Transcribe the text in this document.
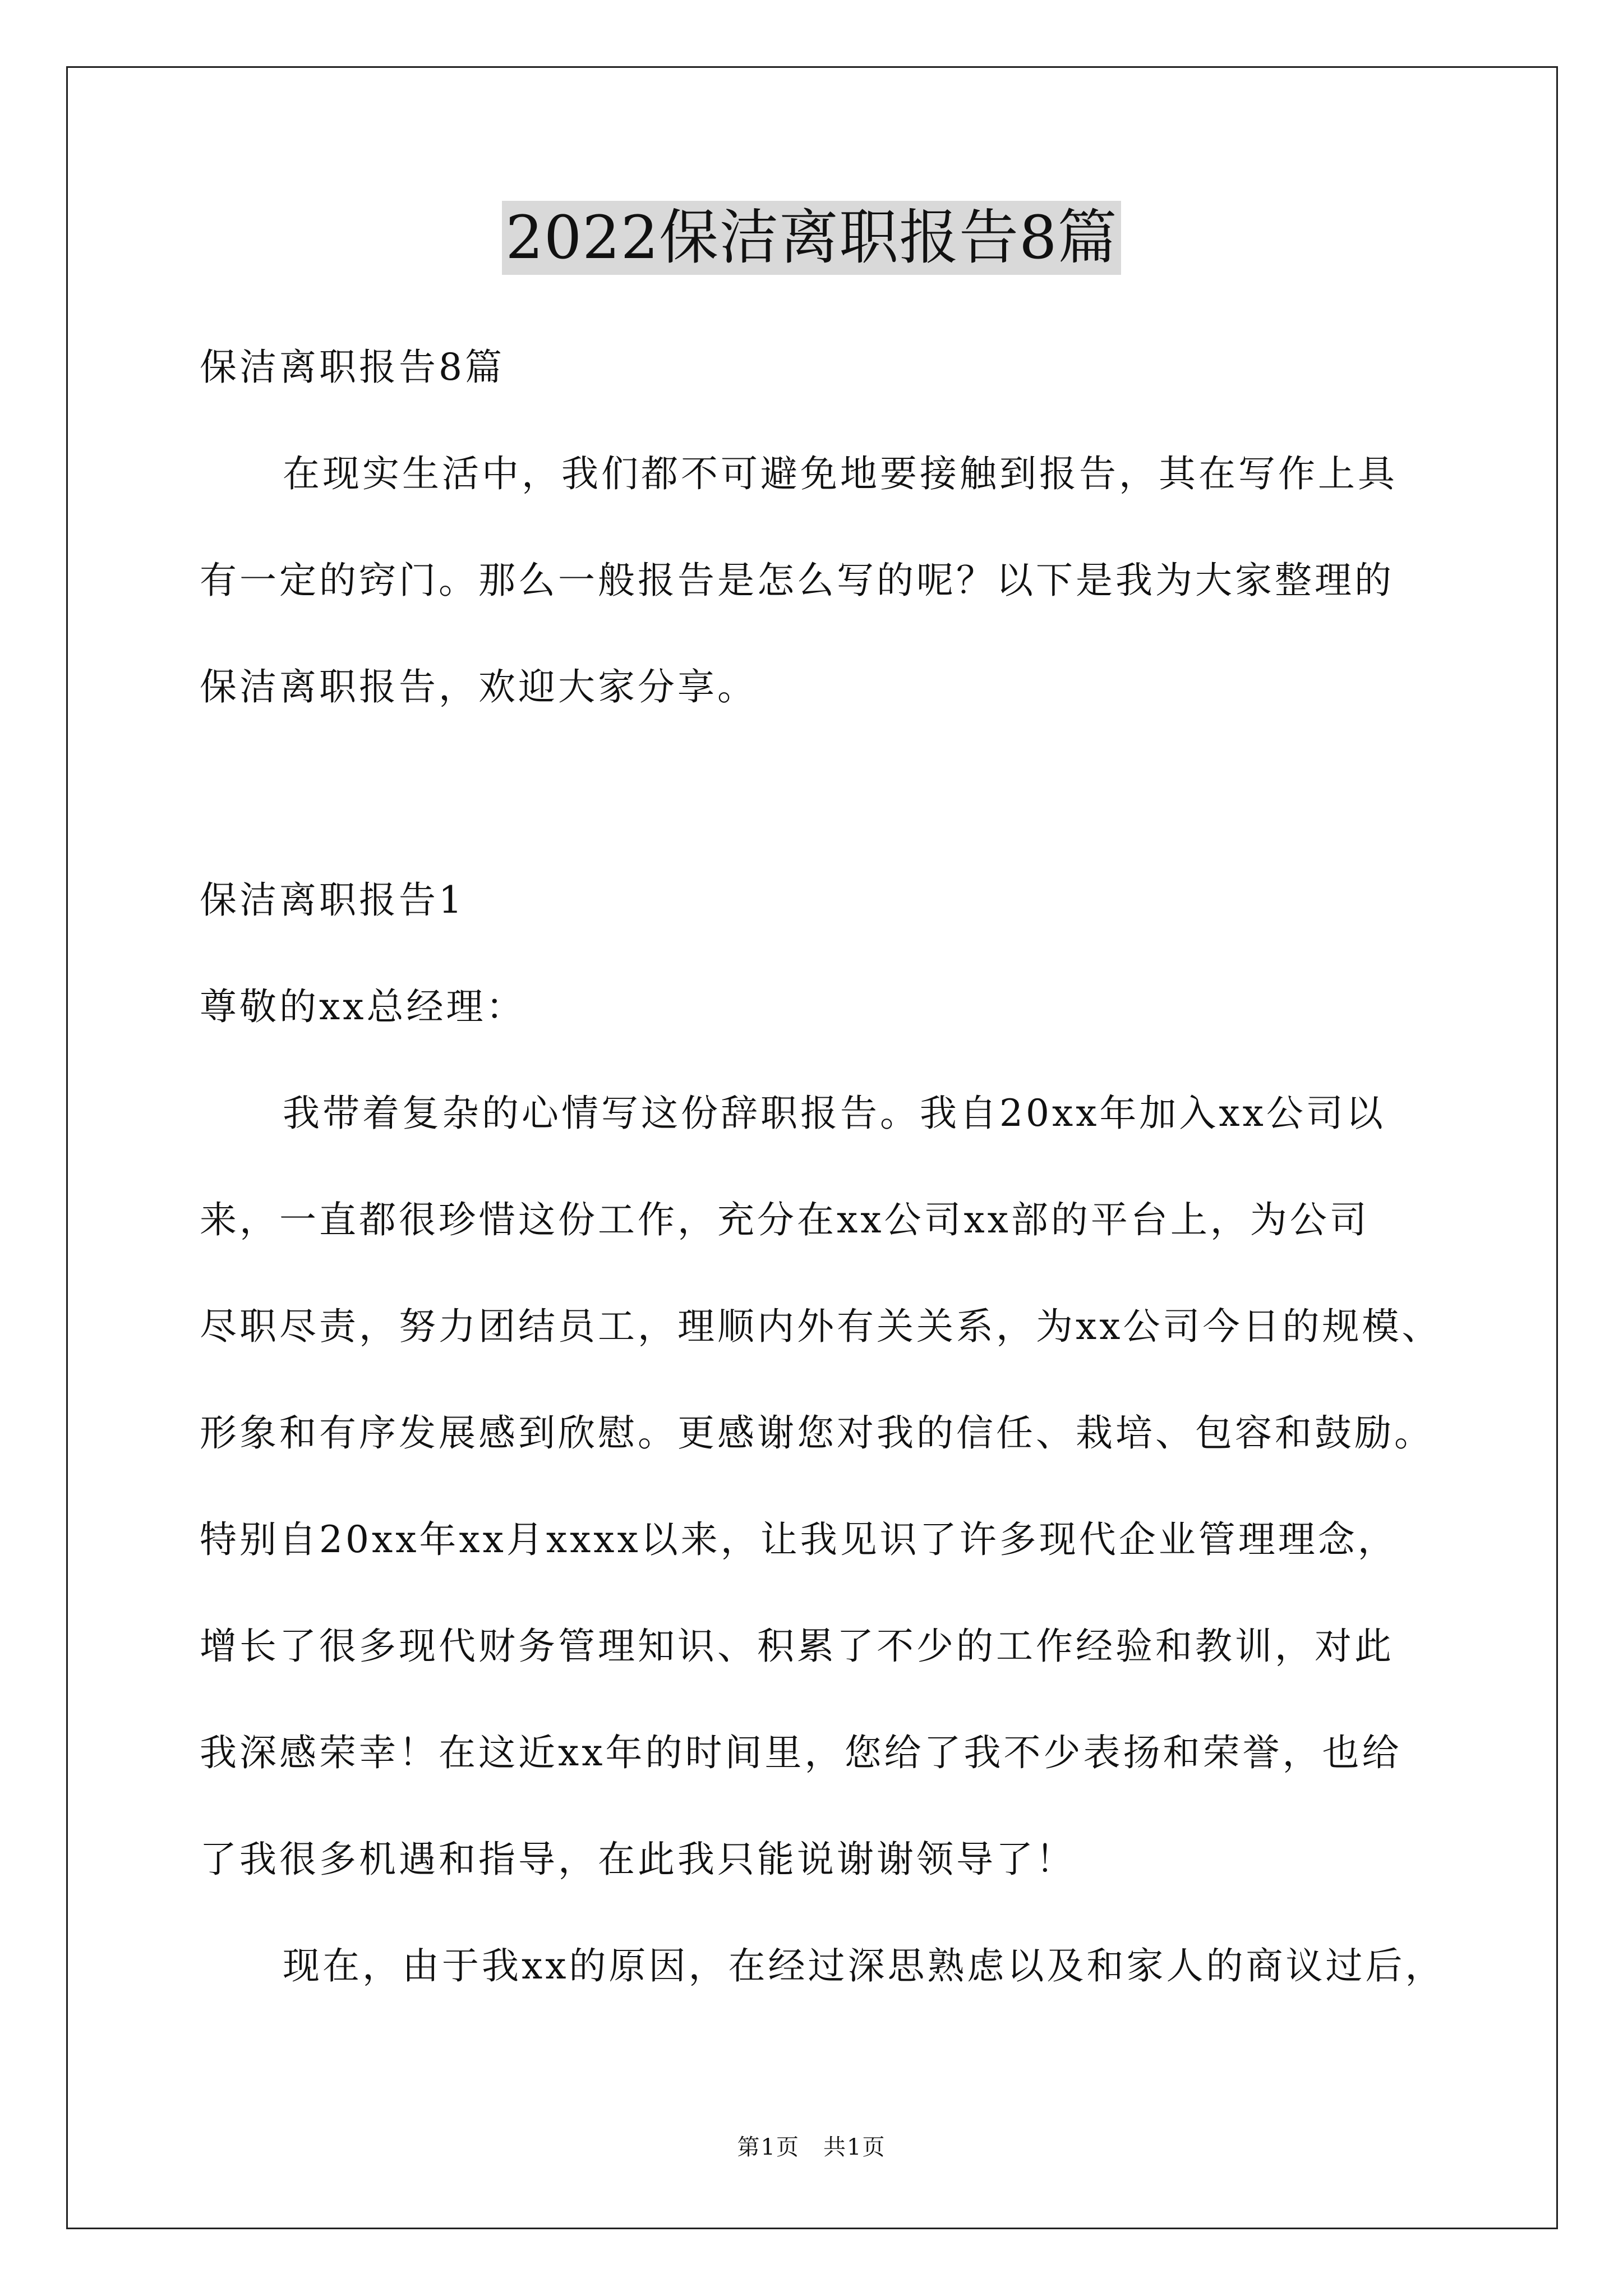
2022保洁离职报告8篇

保洁离职报告8篇

在现实生活中，我们都不可避免地要接触到报告，其在写作上具

有一定的窍门。那么一般报告是怎么写的呢？以下是我为大家整理的

保洁离职报告，欢迎大家分享。

保洁离职报告1

尊敬的xx总经理：

我带着复杂的心情写这份辞职报告。我自20xx年加入xx公司以

来，一直都很珍惜这份工作，充分在xx公司xx部的平台上，为公司

尽职尽责，努力团结员工，理顺内外有关关系，为xx公司今日的规模、

形象和有序发展感到欣慰。更感谢您对我的信任、栽培、包容和鼓励。

特别自20xx年xx月xxxx以来，让我见识了许多现代企业管理理念，

增长了很多现代财务管理知识、积累了不少的工作经验和教训，对此

我深感荣幸！在这近xx年的时间里，您给了我不少表扬和荣誉，也给

了我很多机遇和指导，在此我只能说谢谢领导了！

现在，由于我xx的原因，在经过深思熟虑以及和家人的商议过后，

第1页　共1页
